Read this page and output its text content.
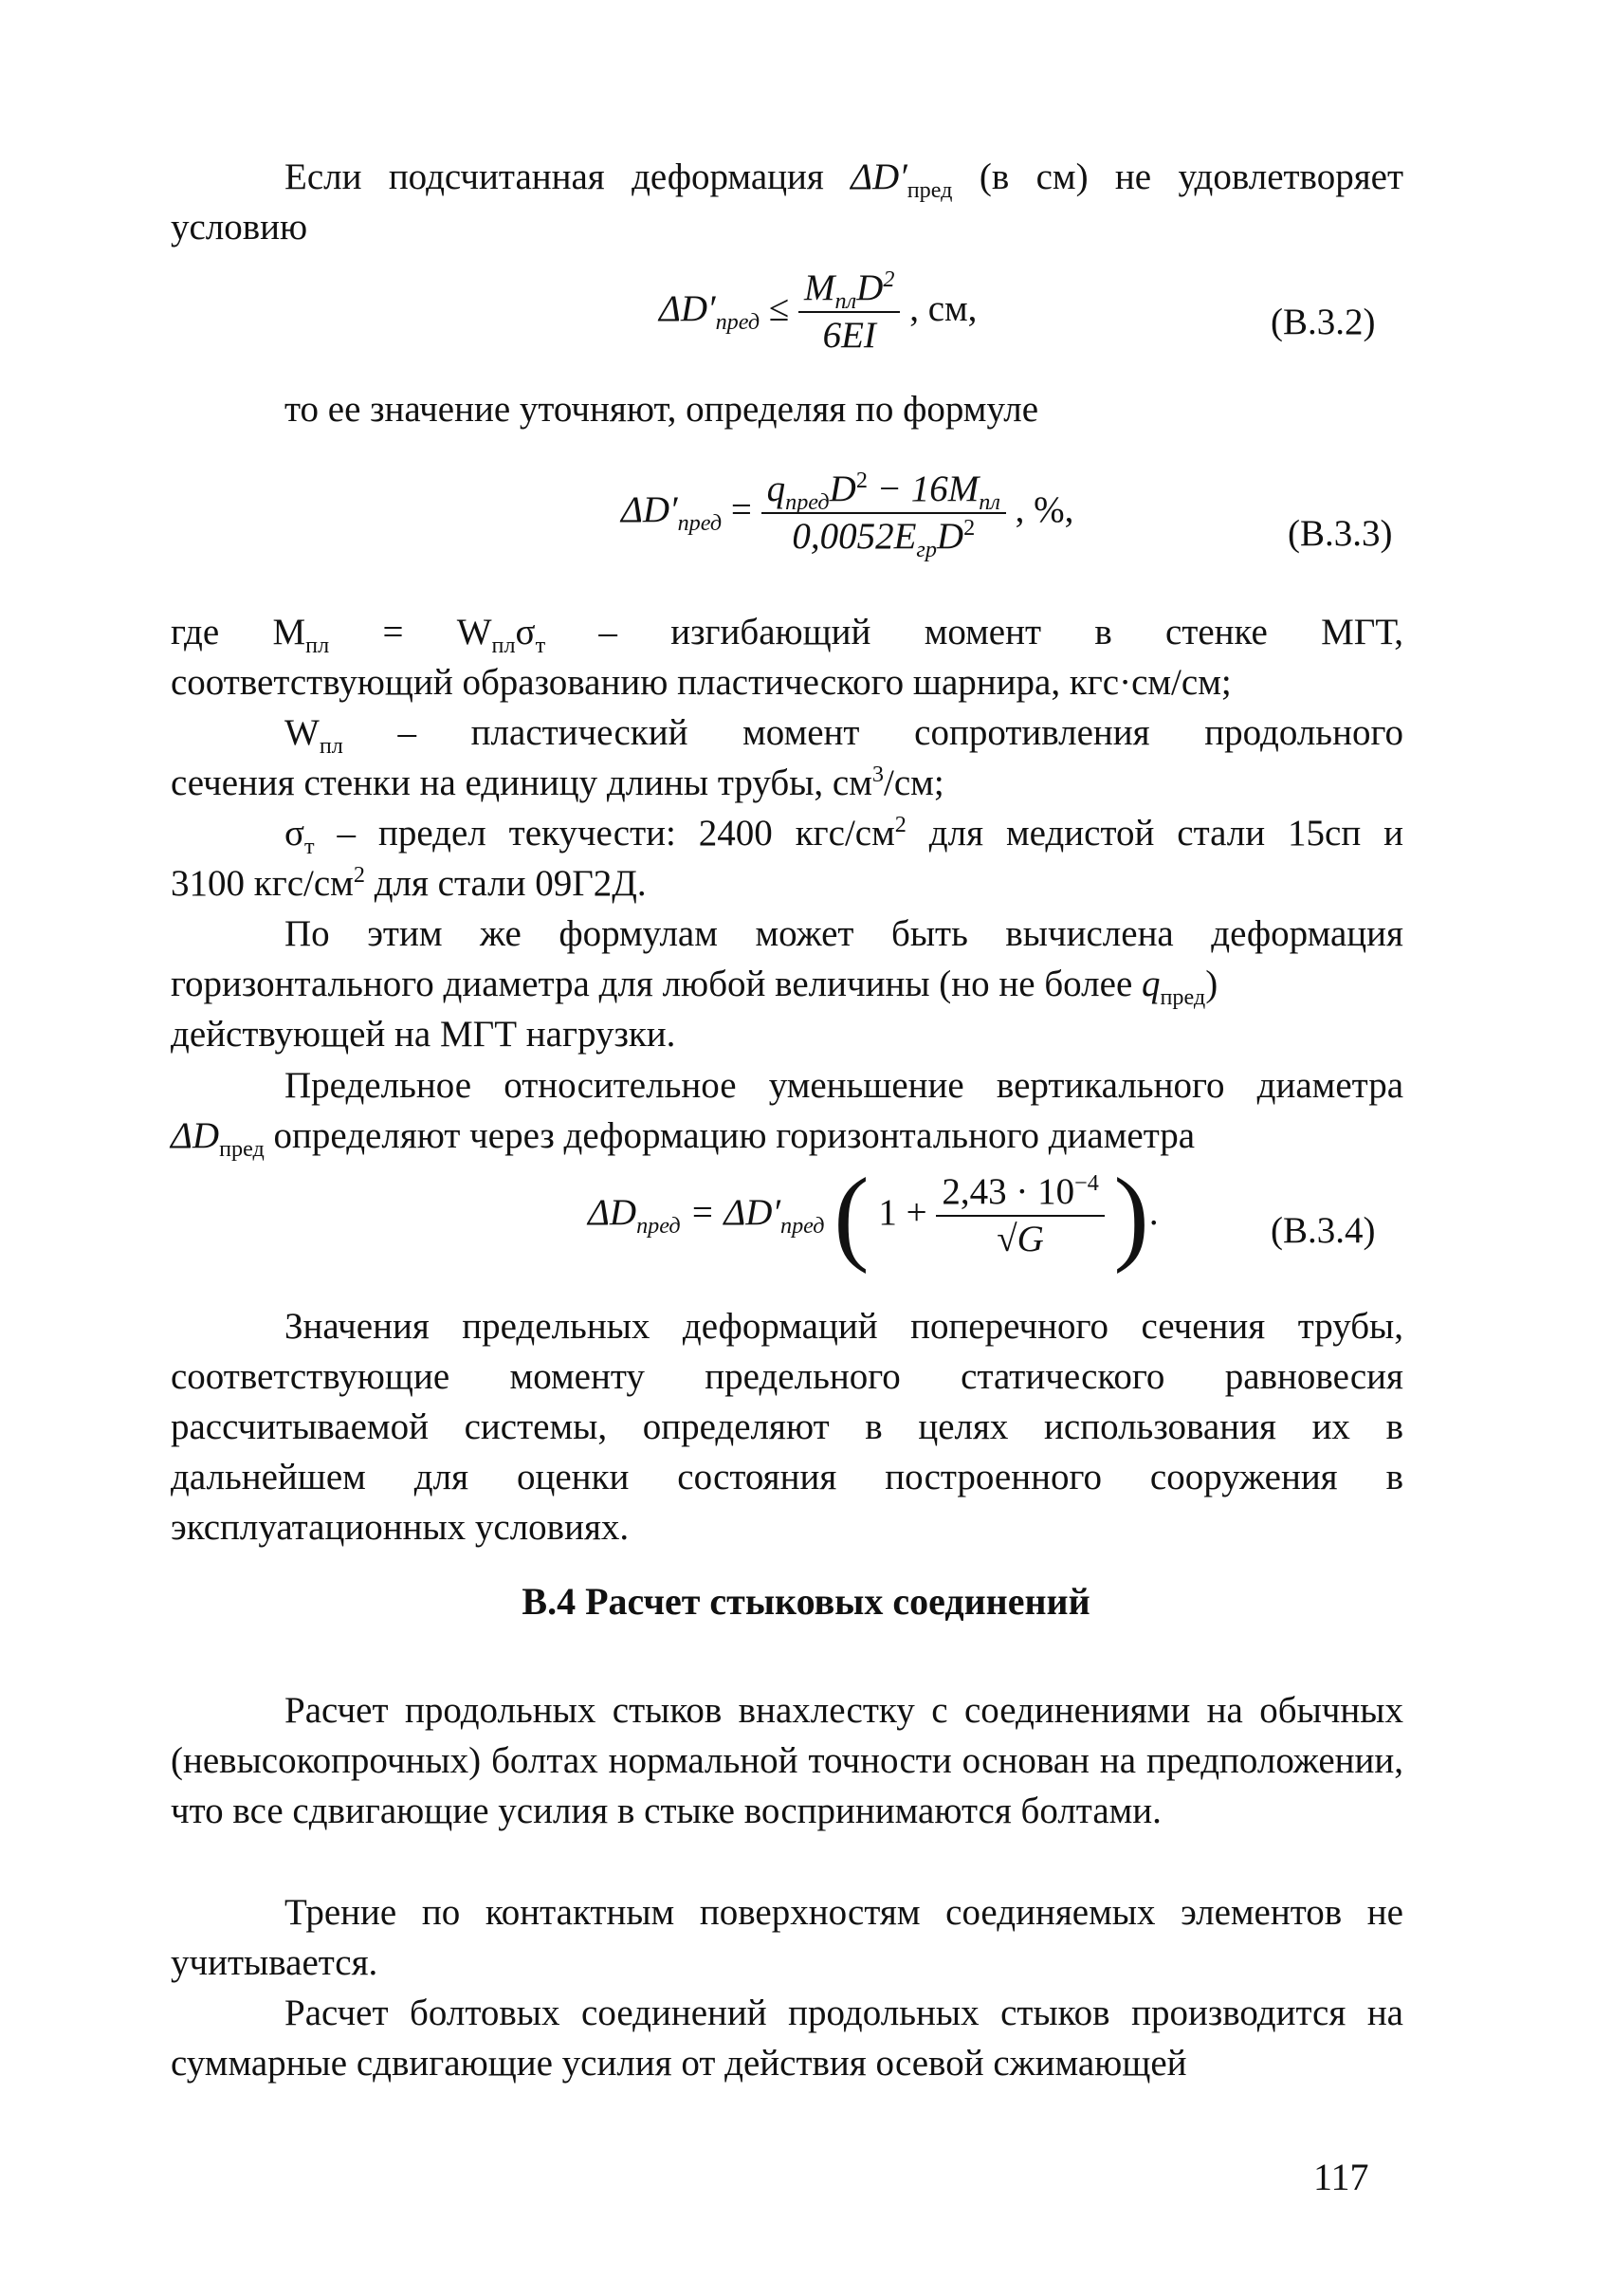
Если подсчитанная деформация $\Delta D'_{пред}$ (в см) не удовлетворяет

условию

$\Delta D'_{пред} \le \frac{M_{пл}D^2}{6EI}$ , см,	(В.3.2)

то ее значение уточняют, определяя по формуле

$\Delta D'_{пред} = \frac{q_{пред}D^2 - 16M_{пл}}{0,0052E_{гр}D^2}$ , %,
(В.3.3)

где $M_{пл} = W_{пл}\sigma_т$ – изгибающий момент в стенке МГТ,

соответствующий образованию пластического шарнира, кгс·см/см;

$W_{пл}$ – пластический момент сопротивления продольного

сечения стенки на единицу длины трубы, $см^3/см$;

$\sigma_т$ – предел текучести: 2400 кгс/$см^2$ для медистой стали 15сп и

3100 кгс/$см^2$ для стали 09Г2Д.

По этим же формулам может быть вычислена деформация горизонтального диаметра для любой величины (но не более $q_{пред}$)
действующей на МГТ нагрузки.

Предельное относительное уменьшение вертикального диаметра

$\Delta D_{пред}$ определяют через деформацию горизонтального диаметра

$\Delta D_{пред} = \Delta D'_{пред}$ ( $1 + \frac{2,43 \cdot 10^{-4}}{√G}$ ).	(В.3.4)

Значения предельных деформаций поперечного сечения трубы, соответствующие моменту предельного статического равновесия рассчитываемой системы, определяют в целях использования их в дальнейшем для оценки состояния построенного сооружения в эксплуатационных условиях.

В.4 Расчет стыковых соединений

Расчет продольных стыков внахлестку с соединениями на обычных (невысокопрочных) болтах нормальной точности основан на предположении, что все сдвигающие усилия в стыке воспринимаются болтами.

Трение по контактным поверхностям соединяемых элементов не учитывается.

Расчет болтовых соединений продольных стыков производится на суммарные сдвигающие усилия от действия осевой сжимающей

117
